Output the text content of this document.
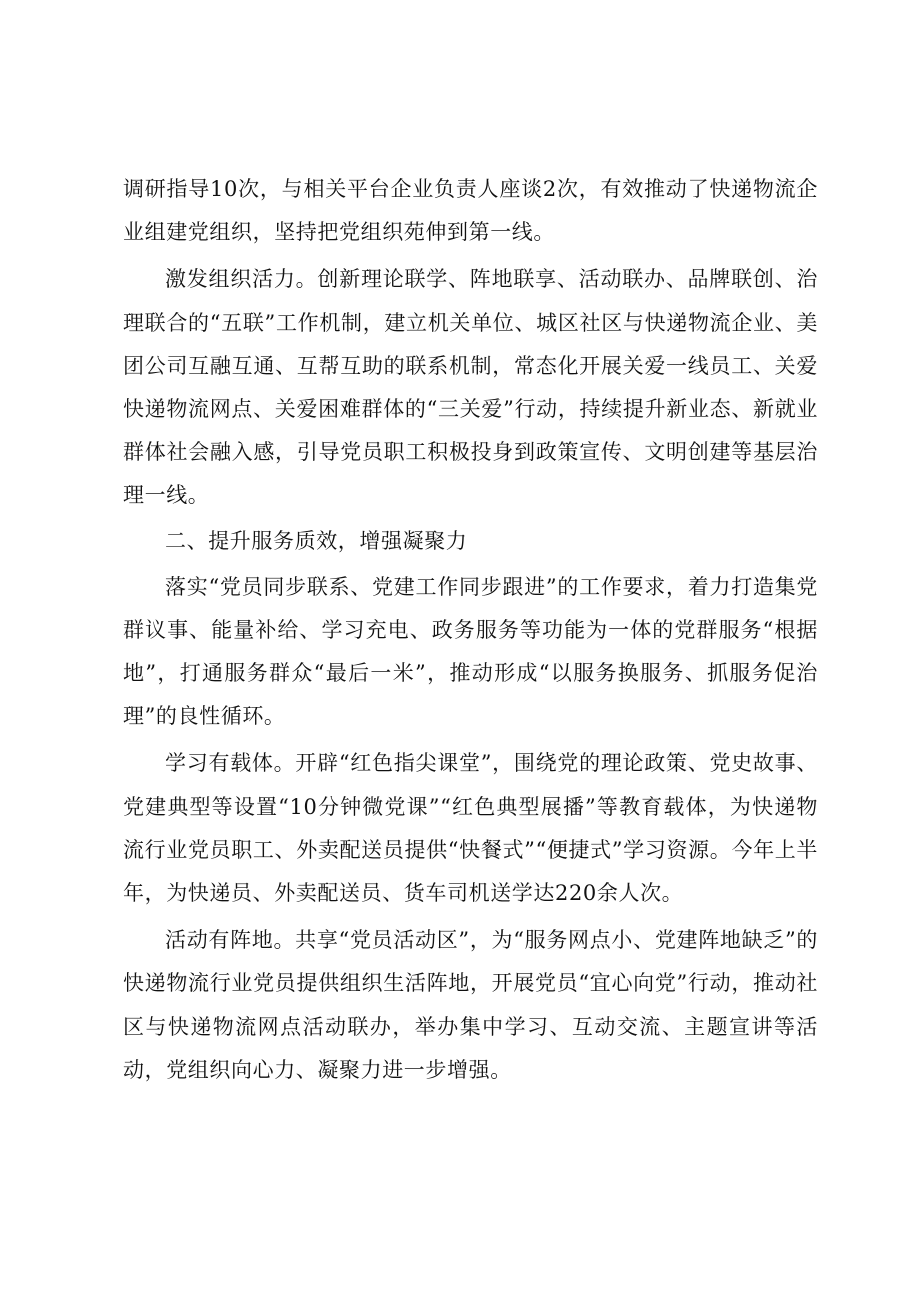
调研指导10次，与相关平台企业负责人座谈2次，有效推动了快递物流企业组建党组织，坚持把党组织苑伸到第一线。

激发组织活力。创新理论联学、阵地联享、活动联办、品牌联创、治理联合的“五联”工作机制，建立机关单位、城区社区与快递物流企业、美团公司互融互通、互帮互助的联系机制，常态化开展关爱一线员工、关爱快递物流网点、关爱困难群体的“三关爱”行动，持续提升新业态、新就业群体社会融入感，引导党员职工积极投身到政策宣传、文明创建等基层治理一线。

二、提升服务质效，增强凝聚力

落实“党员同步联系、党建工作同步跟进”的工作要求，着力打造集党群议事、能量补给、学习充电、政务服务等功能为一体的党群服务“根据地”，打通服务群众“最后一米”，推动形成“以服务换服务、抓服务促治理”的良性循环。

学习有载体。开辟“红色指尖课堂”，围绕党的理论政策、党史故事、党建典型等设置“10分钟微党课”“红色典型展播”等教育载体，为快递物流行业党员职工、外卖配送员提供“快餐式”“便捷式”学习资源。今年上半年，为快递员、外卖配送员、货车司机送学达220余人次。

活动有阵地。共享“党员活动区”，为“服务网点小、党建阵地缺乏”的快递物流行业党员提供组织生活阵地，开展党员“宜心向党”行动，推动社区与快递物流网点活动联办，举办集中学习、互动交流、主题宣讲等活动，党组织向心力、凝聚力进一步增强。
